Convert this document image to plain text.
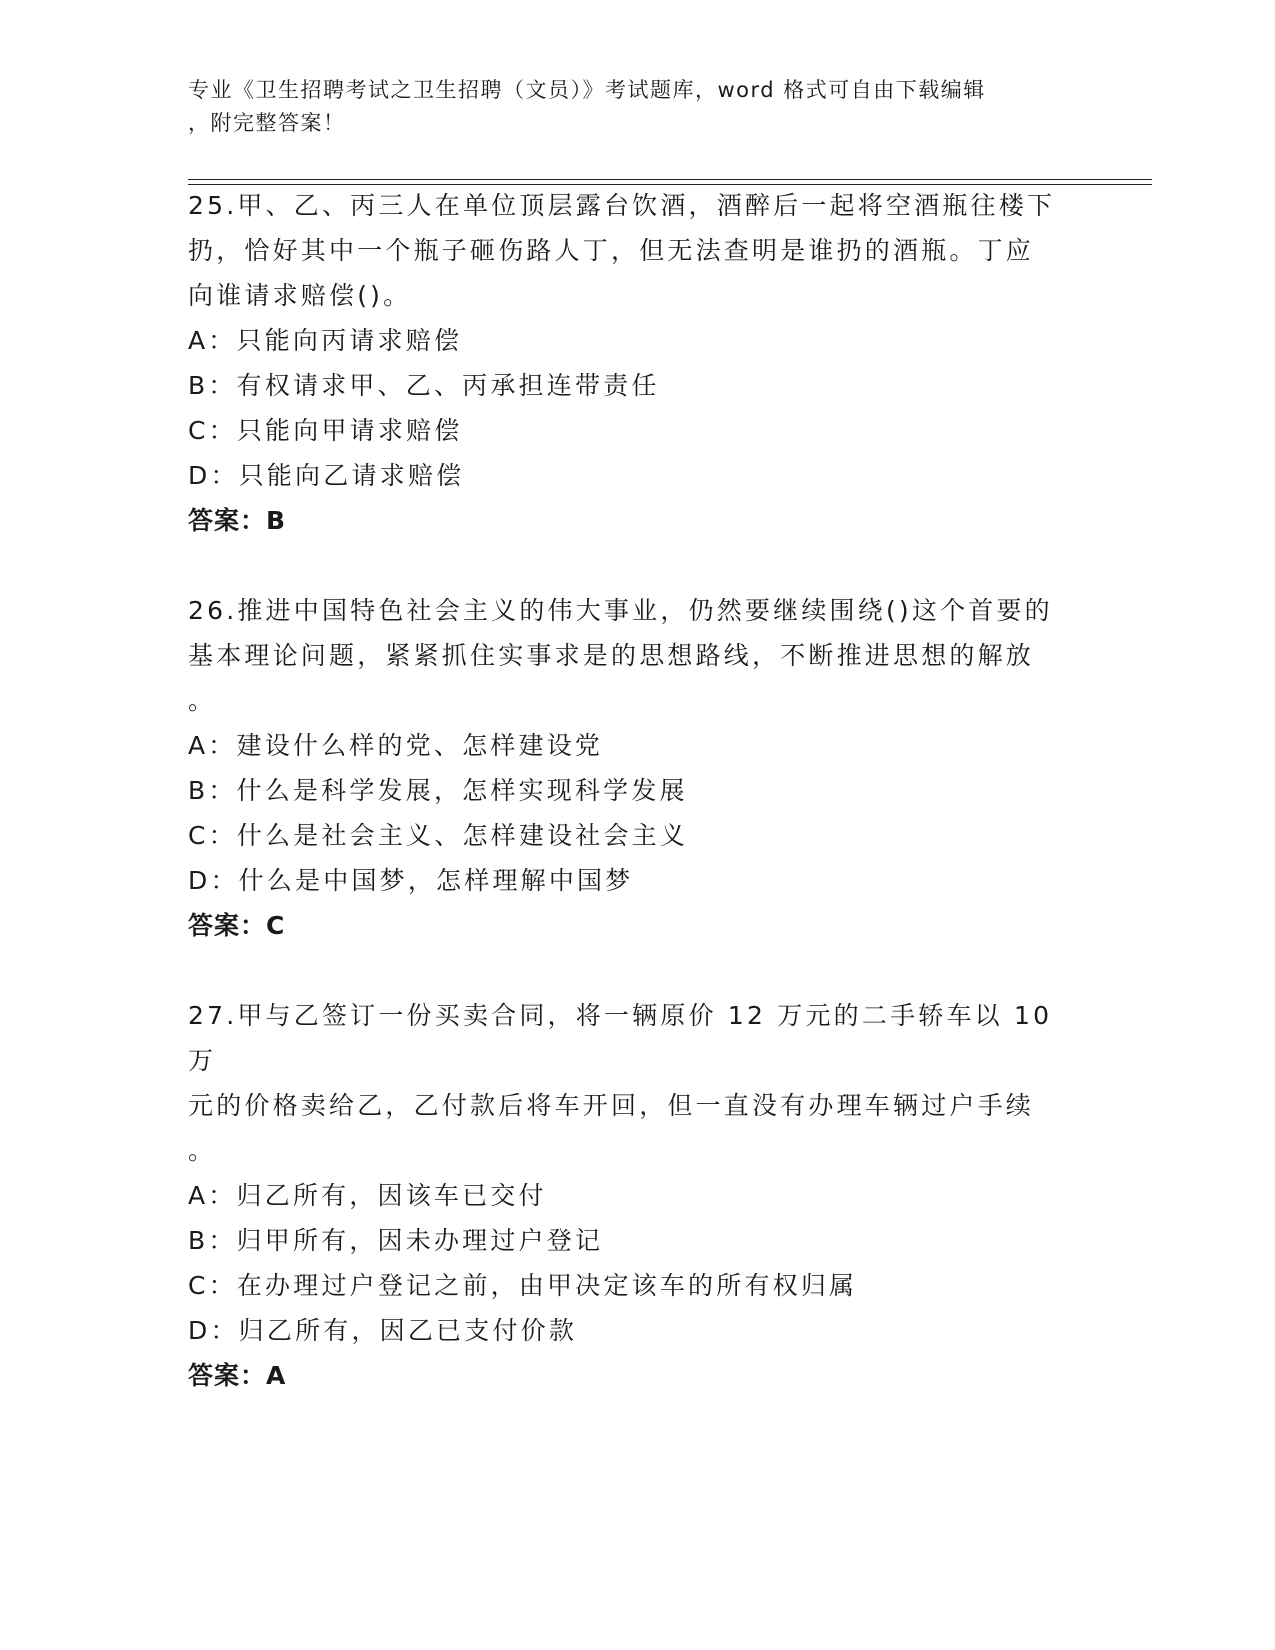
专业《卫生招聘考试之卫生招聘（文员）》考试题库，word 格式可自由下载编辑
，附完整答案！

25.甲、乙、丙三人在单位顶层露台饮酒，酒醉后一起将空酒瓶往楼下

扔，恰好其中一个瓶子砸伤路人丁，但无法查明是谁扔的酒瓶。丁应

向谁请求赔偿()。

A：只能向丙请求赔偿

B：有权请求甲、乙、丙承担连带责任

C：只能向甲请求赔偿

D：只能向乙请求赔偿

答案：B

26.推进中国特色社会主义的伟大事业，仍然要继续围绕()这个首要的

基本理论问题，紧紧抓住实事求是的思想路线，不断推进思想的解放

。

A：建设什么样的党、怎样建设党

B：什么是科学发展，怎样实现科学发展

C：什么是社会主义、怎样建设社会主义

D：什么是中国梦，怎样理解中国梦

答案：C

27.甲与乙签订一份买卖合同，将一辆原价 12 万元的二手轿车以 10 万

元的价格卖给乙，乙付款后将车开回，但一直没有办理车辆过户手续

。

A：归乙所有，因该车已交付

B：归甲所有，因未办理过户登记

C：在办理过户登记之前，由甲决定该车的所有权归属

D：归乙所有，因乙已支付价款

答案：A
